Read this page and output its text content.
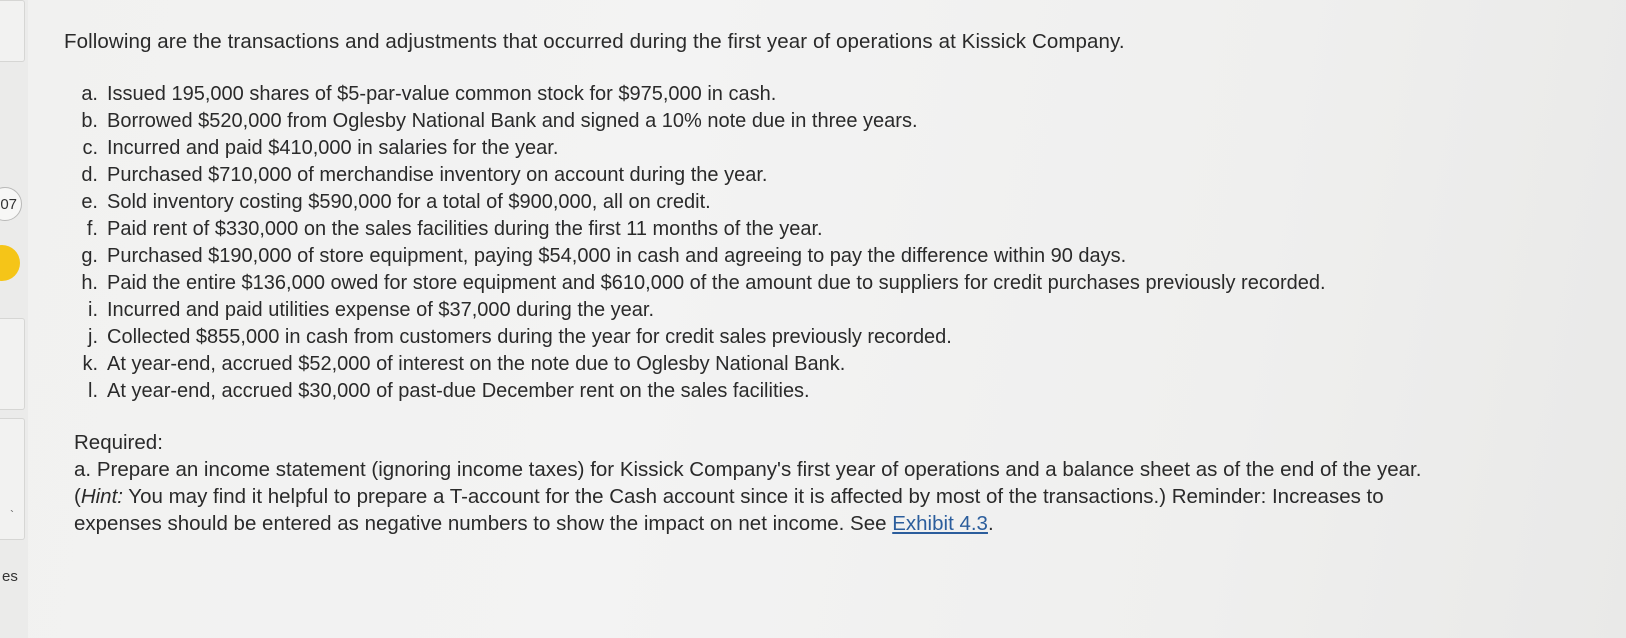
07
`
es

Following are the transactions and adjustments that occurred during the first year of operations at Kissick Company.

a. Issued 195,000 shares of $5-par-value common stock for $975,000 in cash.
b. Borrowed $520,000 from Oglesby National Bank and signed a 10% note due in three years.
c. Incurred and paid $410,000 in salaries for the year.
d. Purchased $710,000 of merchandise inventory on account during the year.
e. Sold inventory costing $590,000 for a total of $900,000, all on credit.
f. Paid rent of $330,000 on the sales facilities during the first 11 months of the year.
g. Purchased $190,000 of store equipment, paying $54,000 in cash and agreeing to pay the difference within 90 days.
h. Paid the entire $136,000 owed for store equipment and $610,000 of the amount due to suppliers for credit purchases previously recorded.
i. Incurred and paid utilities expense of $37,000 during the year.
j. Collected $855,000 in cash from customers during the year for credit sales previously recorded.
k. At year-end, accrued $52,000 of interest on the note due to Oglesby National Bank.
l. At year-end, accrued $30,000 of past-due December rent on the sales facilities.
Required:
a. Prepare an income statement (ignoring income taxes) for Kissick Company's first year of operations and a balance sheet as of the end of the year. (Hint: You may find it helpful to prepare a T-account for the Cash account since it is affected by most of the transactions.) Reminder: Increases to expenses should be entered as negative numbers to show the impact on net income. See Exhibit 4.3.
